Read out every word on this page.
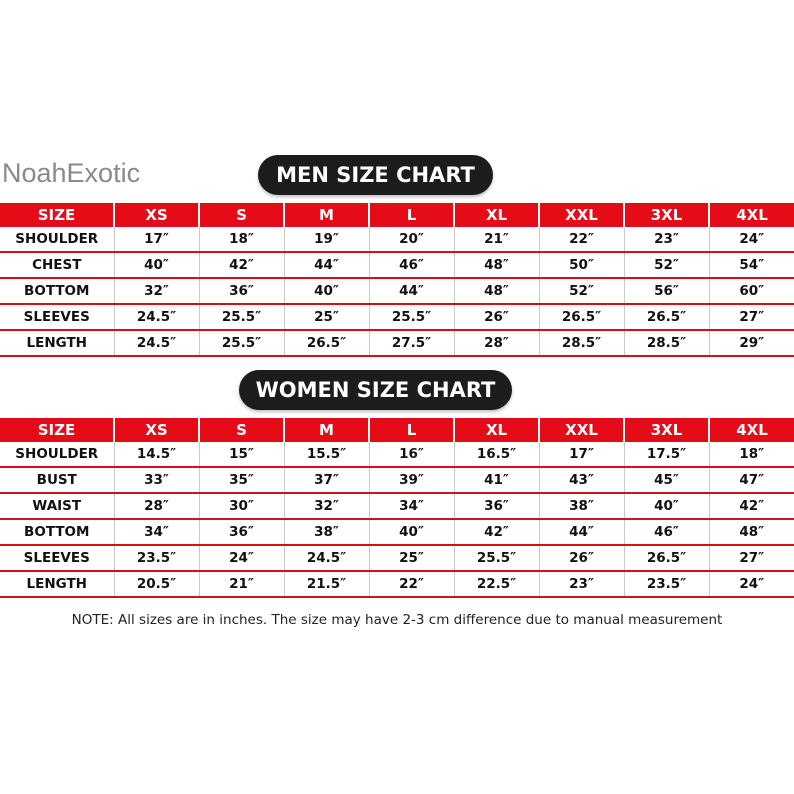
NoahExotic	MEN SIZE CHART
SIZE	XS	S	M	L	XL	XXL	3XL	4XL
SHOULDER	17″	18″	19″	20″	21″	22″	23″	24″
CHEST	40″	42″	44″	46″	48″	50″	52″	54″
BOTTOM	32″	36″	40″	44″	48″	52″	56″	60″
SLEEVES	24.5″	25.5″	25″	25.5″	26″	26.5″	26.5″	27″
LENGTH	24.5″	25.5″	26.5″	27.5″	28″	28.5″	28.5″	29″
WOMEN SIZE CHART
SIZE	XS	S	M	L	XL	XXL	3XL	4XL
SHOULDER	14.5″	15″	15.5″	16″	16.5″	17″	17.5″	18″
BUST	33″	35″	37″	39″	41″	43″	45″	47″
WAIST	28″	30″	32″	34″	36″	38″	40″	42″
BOTTOM	34″	36″	38″	40″	42″	44″	46″	48″
SLEEVES	23.5″	24″	24.5″	25″	25.5″	26″	26.5″	27″
LENGTH	20.5″	21″	21.5″	22″	22.5″	23″	23.5″	24″
NOTE: All sizes are in inches. The size may have 2-3 cm difference due to manual measurement
